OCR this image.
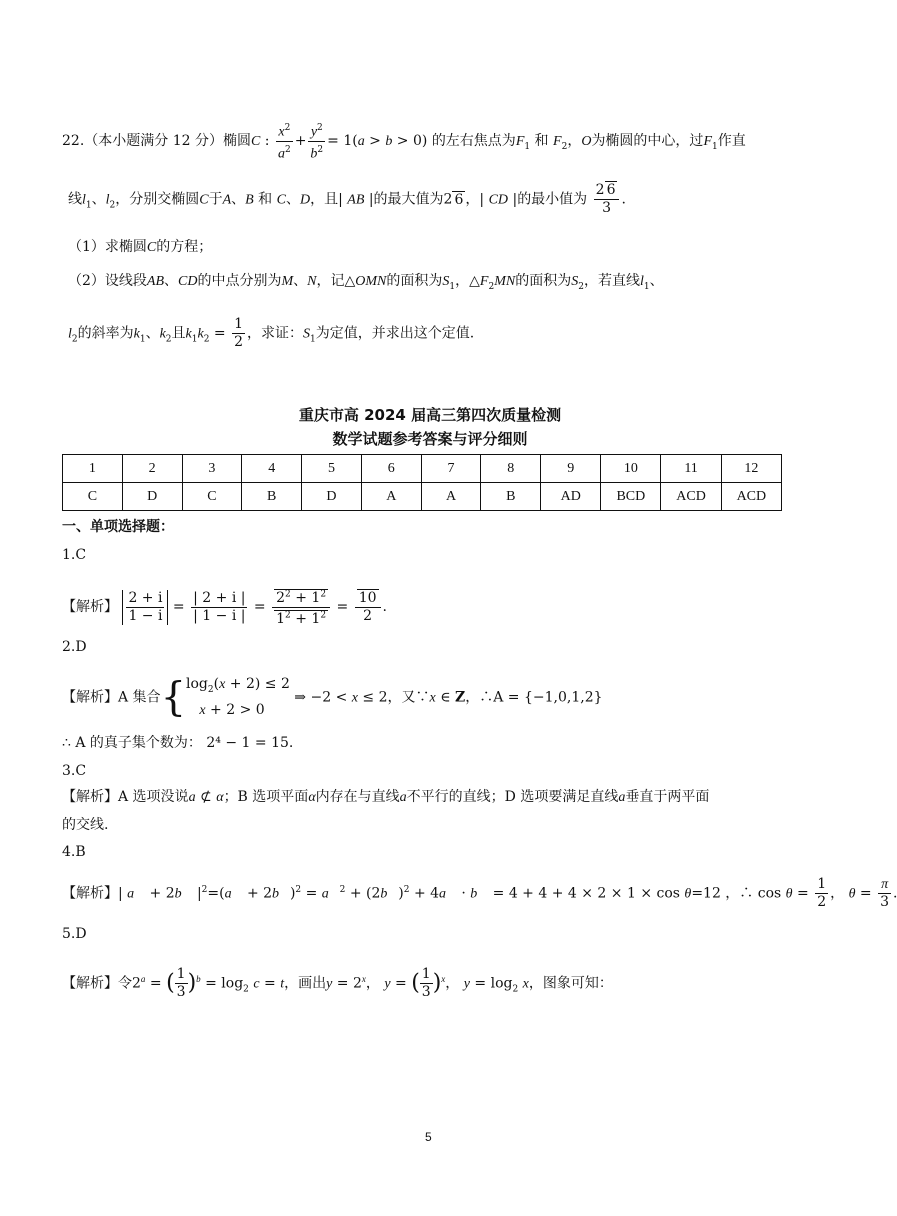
22.（本小题满分 12 分）椭圆C : $\frac{x^2}{a^2} + \frac{y^2}{b^2} = 1(a > b > 0)$ 的左右焦点为$F_1$ 和 $F_2$，O为椭圆的中心，过$F_1$作直
线$l_1$、$l_2$，分别交椭圆C于A、B 和 C、D，且| AB |的最大值为2 6 ，| CD |的最小值为 $\frac{2 6}{3}$ .
（1）求椭圆C的方程；
（2）设线段AB、CD的中点分别为M、N，记△OMN的面积为$S_1$，$\triangle F_2MN$的面积为$S_2$，若直线$l_1$、
$l_2$的斜率为$k_1$、$k_2$且$k_1k_2 = \frac{1}{2}$ ，求证：$S_1$为定值，并求出这个定值.
重庆市高 2024 届高三第四次质量检测
数学试题参考答案与评分细则
1	2	3	4	5	6	7	8	9	10	11	12
C	D	C	B	D	A	A	B	AD	BCD	ACD	ACD
一、单项选择题：
1.C
【解析】 $\frac{2 + i}{1 - i} = \frac{| 2 + i |}{| 1 - i |} = \frac{2^2 + 1^2}{1^2 + 1^2} = \frac{10}{2}$ .
2.D
【解析】A 集合{$\log_2(x + 2) \le 2$
x + 2 > 0 ⇒ −2 < x ≤ 2，又∵x ∈ Z，∴A = {−1,0,1,2}
∴ A 的真子集个数为： 2⁴ − 1 = 15.
3.C
【解析】A 选项没说a ⊄ α；B 选项平面α内存在与直线a不平行的直线；D 选项要满足直线a垂直于两平面
的交线.
4.B
【解析】| a⃗ + 2b⃗ $|^2=(a⃗$ + 2b⃗)$^2$ = a⃗$^2$ + (2b⃗)$^2$ + 4a⃗ · b⃗ = 4 + 4 + 4 × 2 × 1 × cos θ=12 ，∴ $\cos \theta = \frac{1}{2}$ ， $\theta = \frac{\pi}{3}$
5.D
【解析】令$2^a$ = ( $\frac{1}{3} )^b = \log_2 c = t$，画出$y = 2^x$， y = ( $\frac{1}{3} )^x$， $y = \log_2 x$，图象可知：
5
